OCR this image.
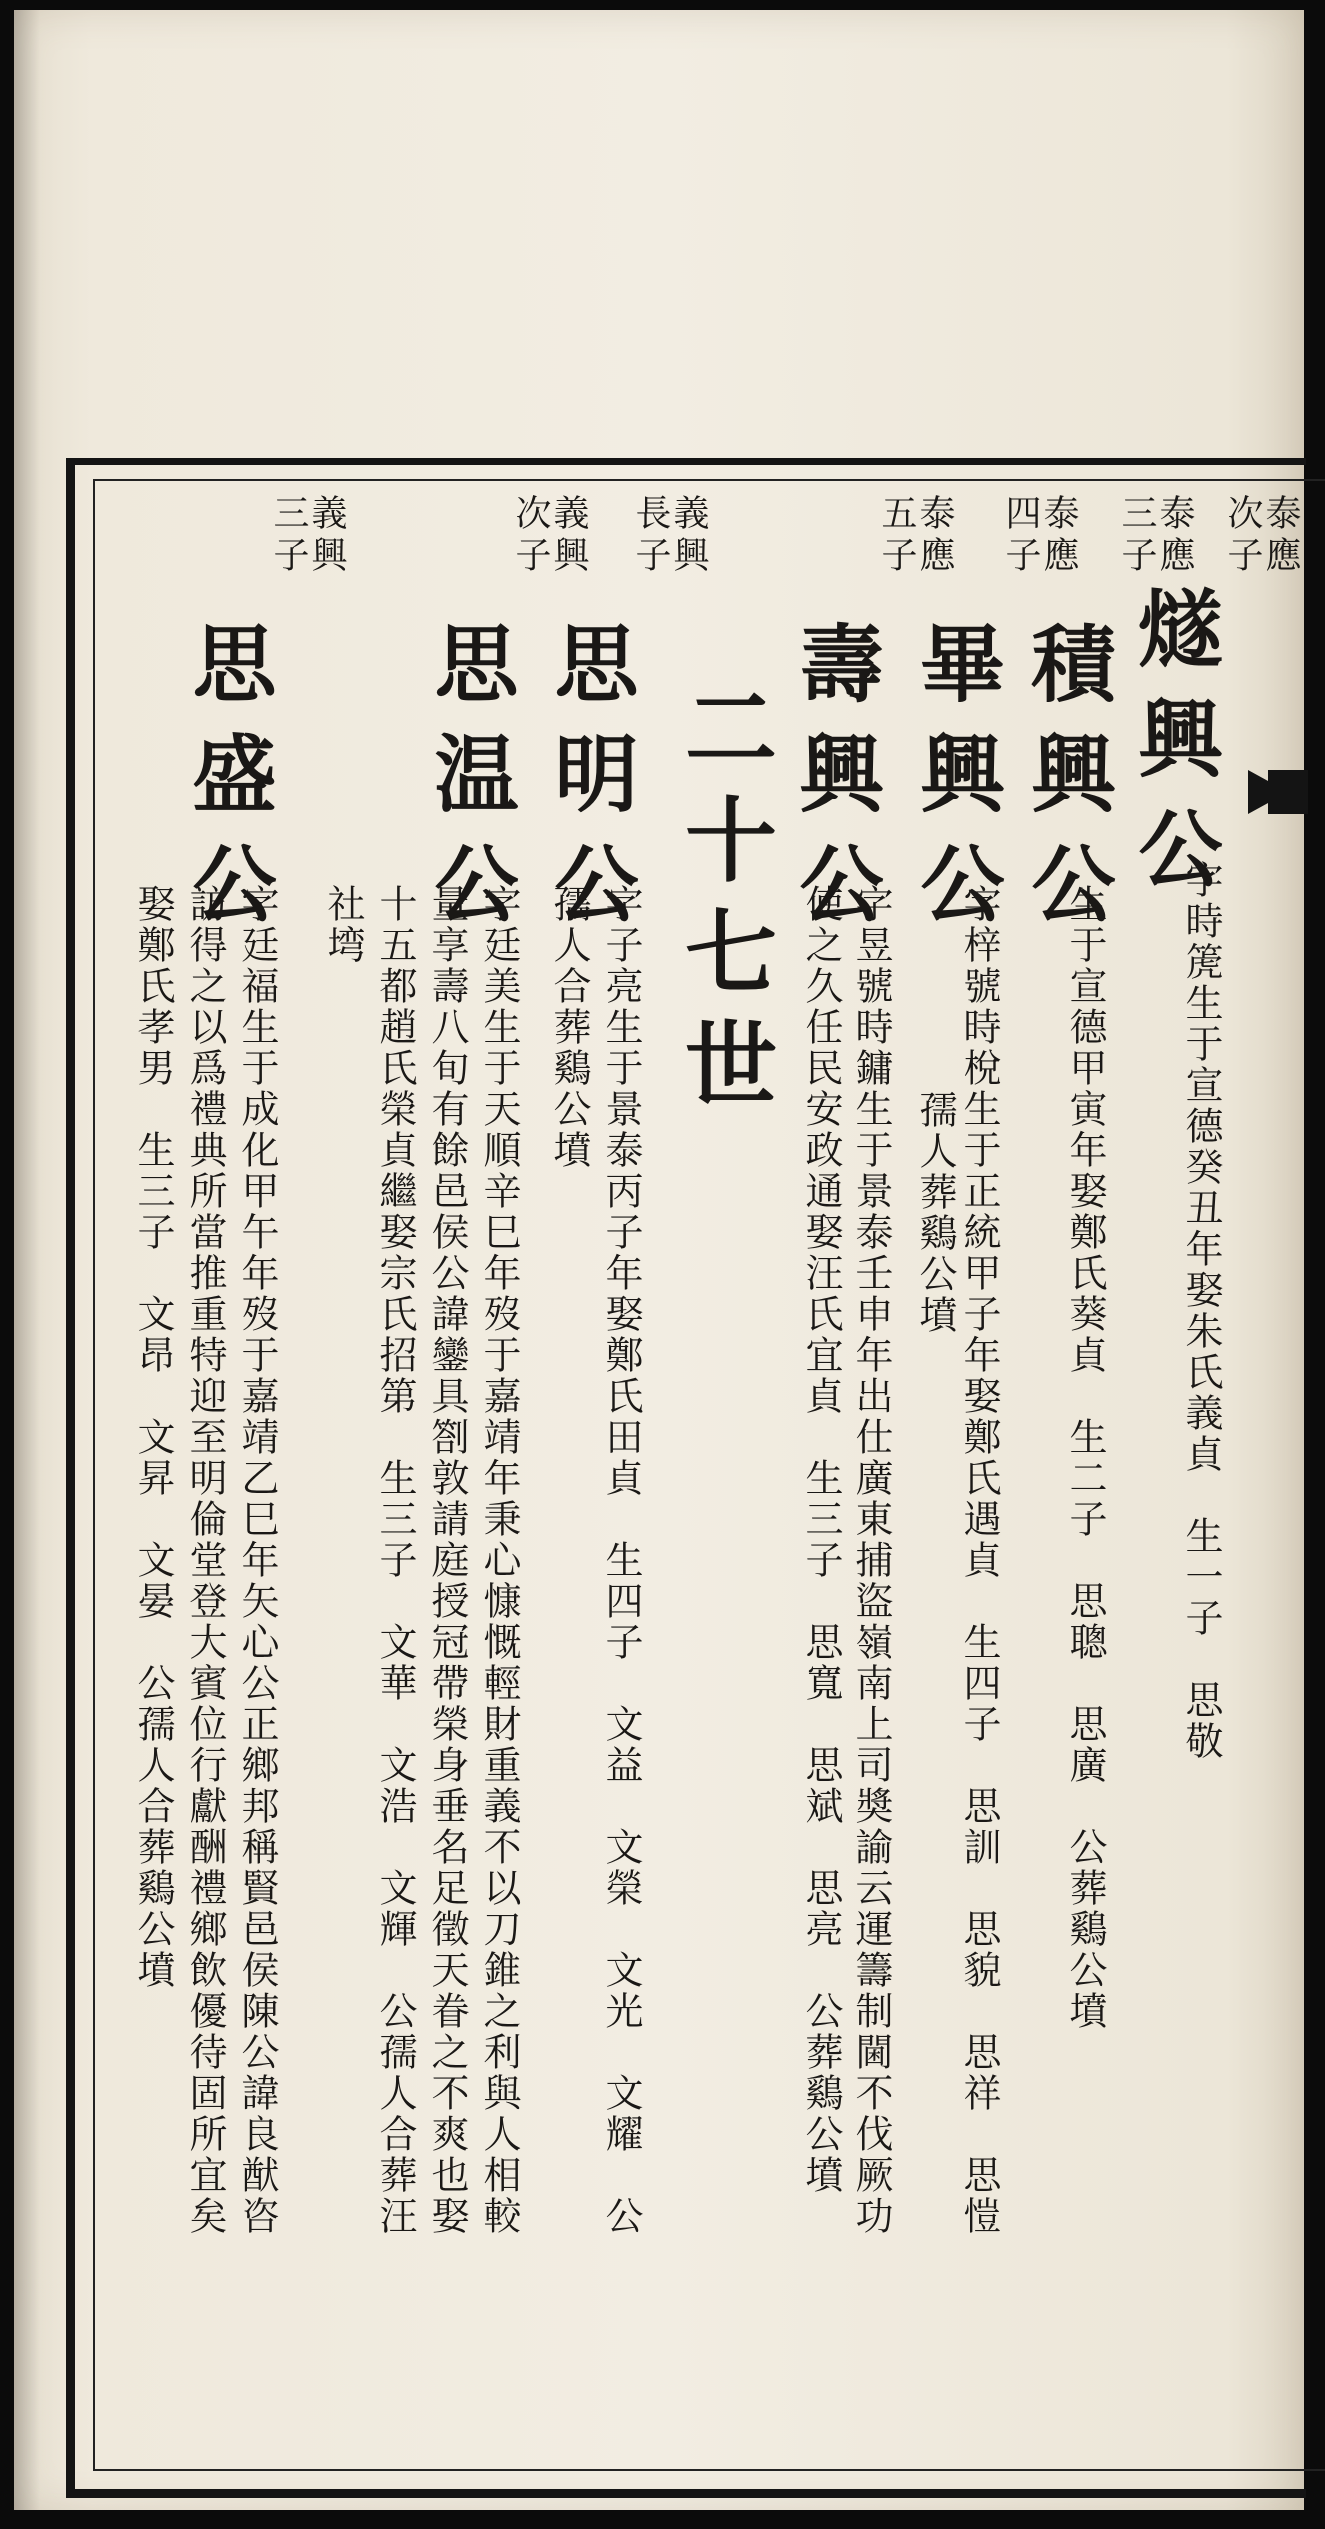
泰應
次子
燧興公
字時箎生于宣德癸丑年娶朱氏義貞　生一子　思敬
泰應
三子
積興公
生于宣德甲寅年娶鄭氏葵貞　生二子　思聰　思廣　公葬鷄公墳
泰應
四子
畢興公
字梓號時梲生于正統甲子年娶鄭氏遇貞　生四子　思訓　思貌　思祥　思愷
孺人葬鷄公墳
泰應
五子
壽興公
字昱號時鏞生于景泰壬申年出仕廣東捕盜嶺南上司奬諭云運籌制閫不伐厥功
使之久任民安政通娶汪氏宜貞　生三子　思寬　思斌　思亮　公葬鷄公墳
二十七世
義興
長子
思明公
字子亮生于景泰丙子年娶鄭氏田貞　生四子　文益　文榮　文光　文耀　公
孺人合葬鷄公墳
義興
次子
思温公
字廷美生于天順辛巳年歿于嘉靖年秉心慷慨輕財重義不以刀錐之利與人相較
量享壽八旬有餘邑侯公諱鑾具劄敦請庭授冠帶榮身垂名足徵天眷之不爽也娶
十五都趙氏榮貞繼娶宗氏招第　生三子　文華　文浩　文輝　公孺人合葬汪
社塆
義興
三子
思盛公
字廷福生于成化甲午年歿于嘉靖乙巳年矢心公正鄉邦稱賢邑侯陳公諱良猷咨
訪得之以爲禮典所當推重特迎至明倫堂登大賓位行獻酬禮鄉飲優待固所宜矣
娶鄭氏孝男　生三子　文昂　文昇　文晏　公孺人合葬鷄公墳
